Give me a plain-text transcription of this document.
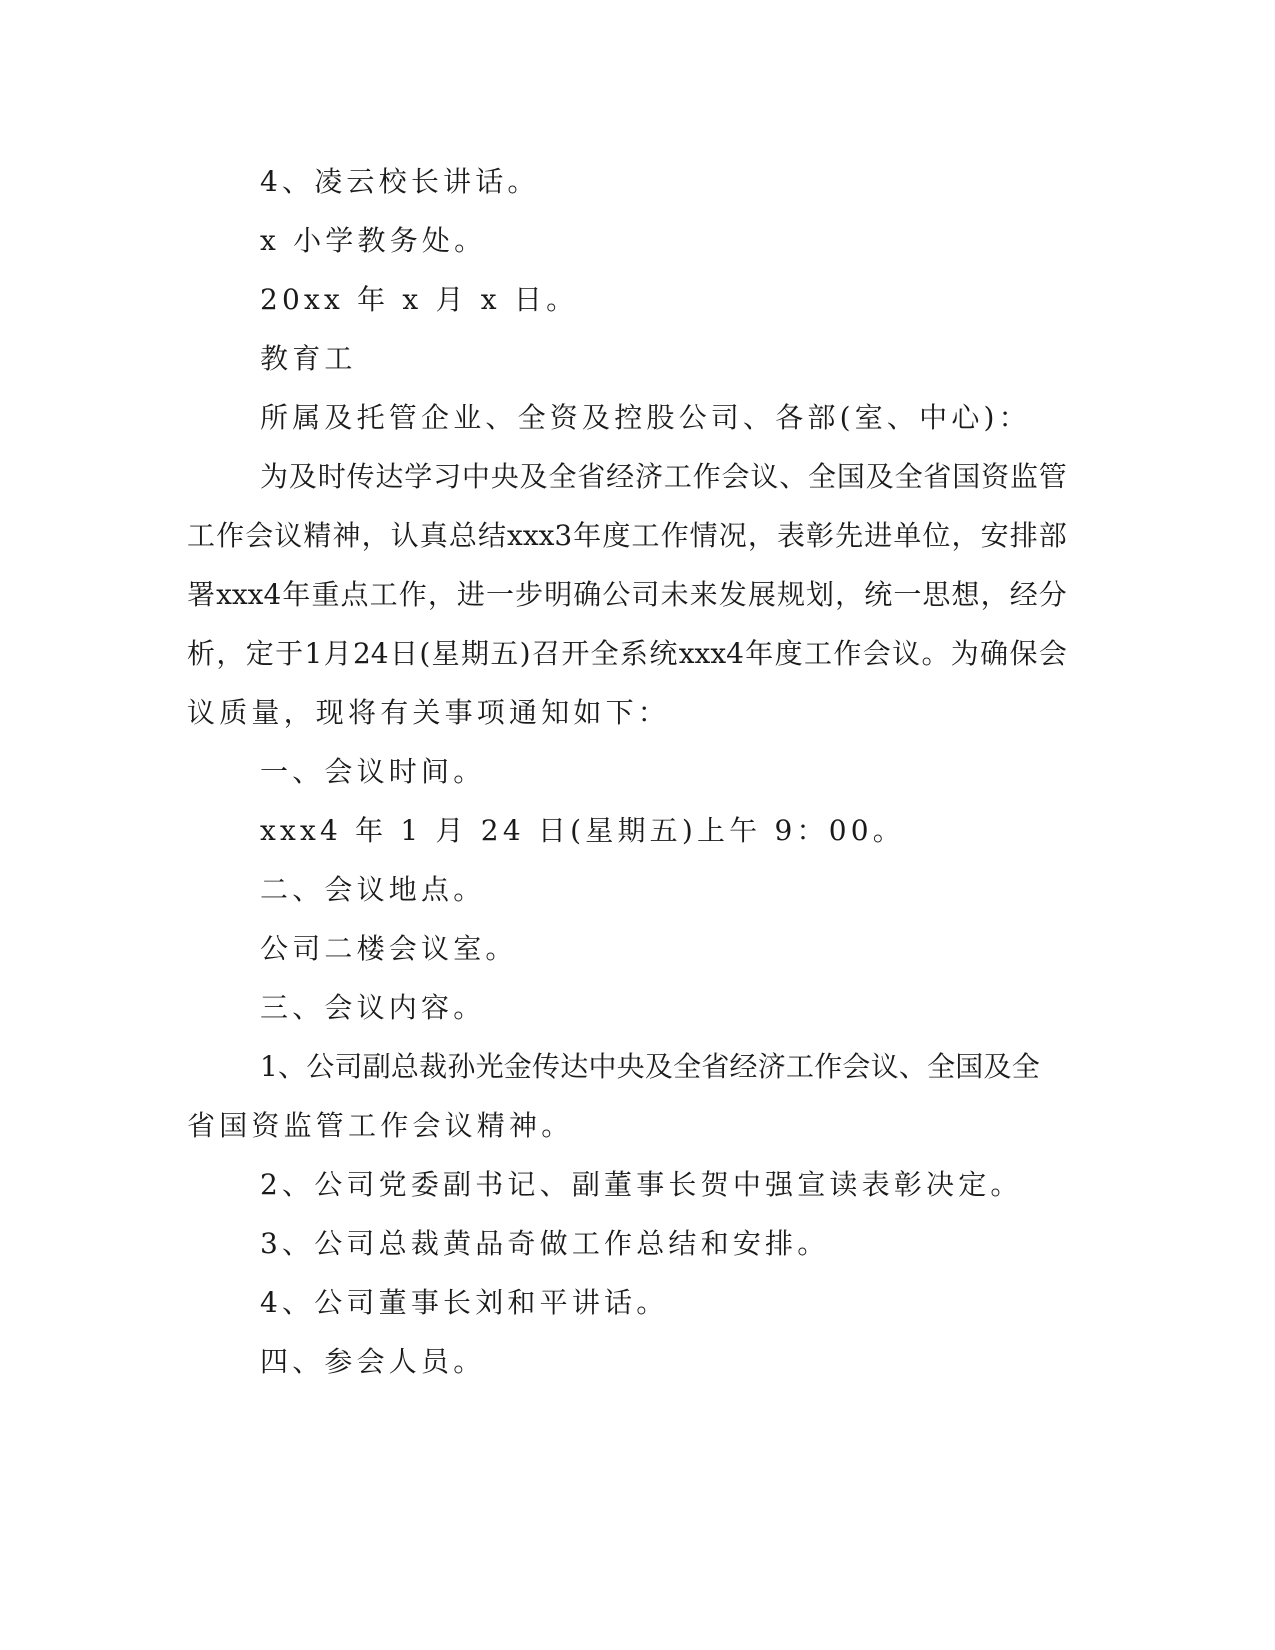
4、凌云校长讲话。
x 小学教务处。
20xx 年 x 月 x 日。
教育工
所属及托管企业、全资及控股公司、各部(室、中心)：
为 及 时 传 达 学 习 中 央 及 全 省 经 济 工 作 会 议 、 全 国 及 全 省 国 资 监 管
工 作 会 议 精 神 ， 认 真 总 结 xxx3 年 度 工 作 情 况 ， 表 彰 先 进 单 位 ， 安 排 部
署 xxx4 年 重 点 工 作 ， 进 一 步 明 确 公 司 未 来 发 展 规 划 ， 统 一 思 想 ， 经 分
析 ， 定 于 1 月 24 日 ( 星 期 五 ) 召 开 全 系 统 xxx4 年 度 工 作 会 议 。 为 确 保 会
议质量，现将有关事项通知如下：
一、会议时间。
xxx4 年 1 月 24 日(星期五)上午 9：00。
二、会议地点。
公司二楼会议室。
三、会议内容。
1 、 公 司 副 总 裁 孙 光 金 传 达 中 央 及 全 省 经 济 工 作 会 议 、 全 国 及 全
省国资监管工作会议精神。
2、公司党委副书记、副董事长贺中强宣读表彰决定。
3、公司总裁黄品奇做工作总结和安排。
4、公司董事长刘和平讲话。
四、参会人员。
